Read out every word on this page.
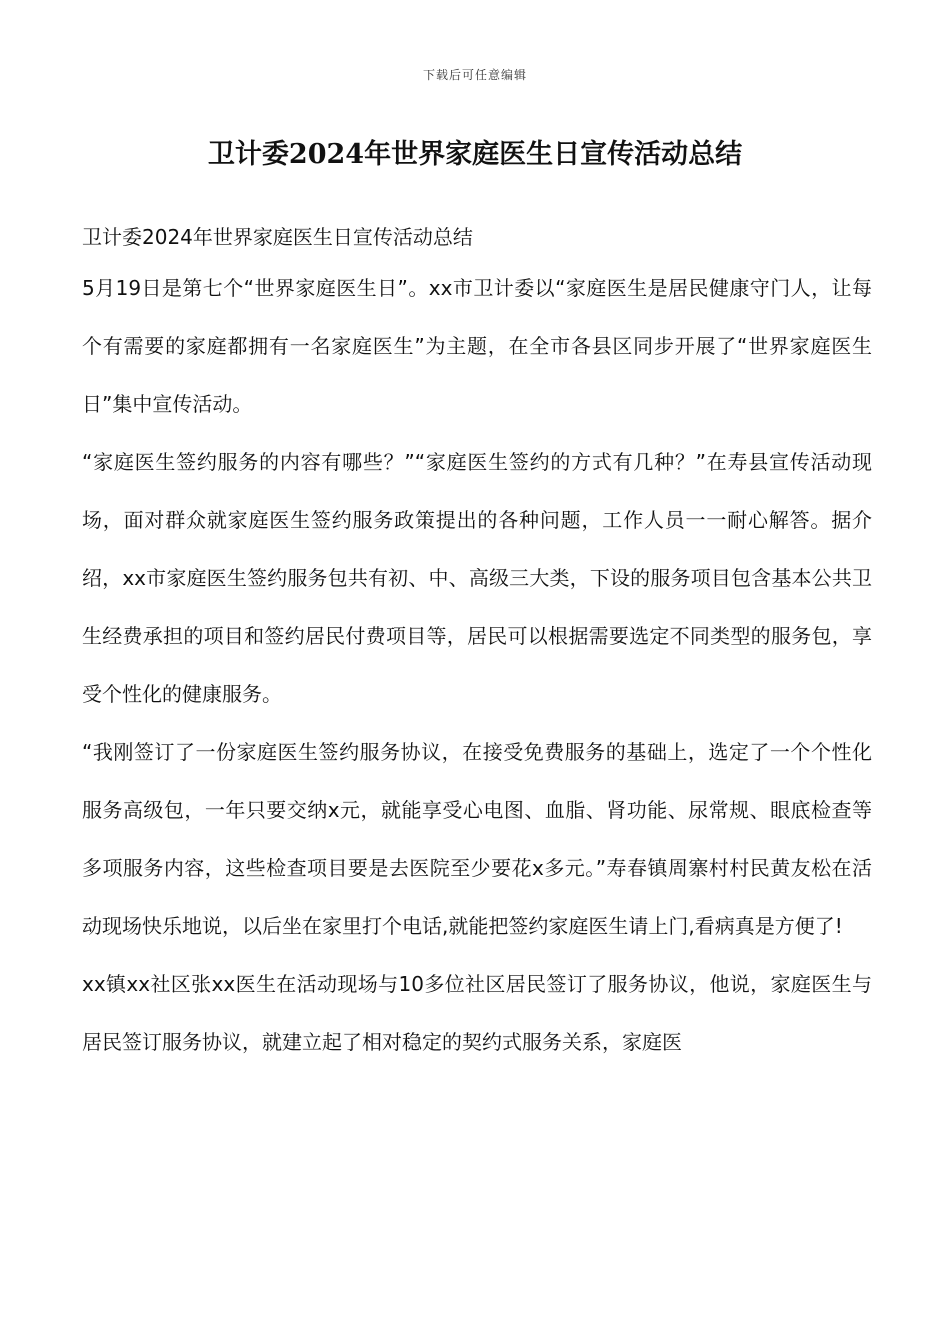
下载后可任意编辑
卫计委2024年世界家庭医生日宣传活动总结

卫计委2024年世界家庭医生日宣传活动总结

5月19日是第七个“世界家庭医生日”。xx市卫计委以“家庭医生是居民健康守门人，让每个有需要的家庭都拥有一名家庭医生”为主题，在全市各县区同步开展了“世界家庭医生日”集中宣传活动。

“家庭医生签约服务的内容有哪些？”“家庭医生签约的方式有几种？”在寿县宣传活动现场，面对群众就家庭医生签约服务政策提出的各种问题，工作人员一一耐心解答。据介绍，xx市家庭医生签约服务包共有初、中、高级三大类，下设的服务项目包含基本公共卫生经费承担的项目和签约居民付费项目等，居民可以根据需要选定不同类型的服务包，享受个性化的健康服务。

“我刚签订了一份家庭医生签约服务协议，在接受免费服务的基础上，选定了一个个性化服务高级包，一年只要交纳x元，就能享受心电图、血脂、肾功能、尿常规、眼底检查等多项服务内容，这些检查项目要是去医院至少要花x多元。”寿春镇周寨村村民黄友松在活动现场快乐地说，以后坐在家里打个电话,就能把签约家庭医生请上门,看病真是方便了!

xx镇xx社区张xx医生在活动现场与10多位社区居民签订了服务协议，他说，家庭医生与居民签订服务协议，就建立起了相对稳定的契约式服务关系，家庭医
